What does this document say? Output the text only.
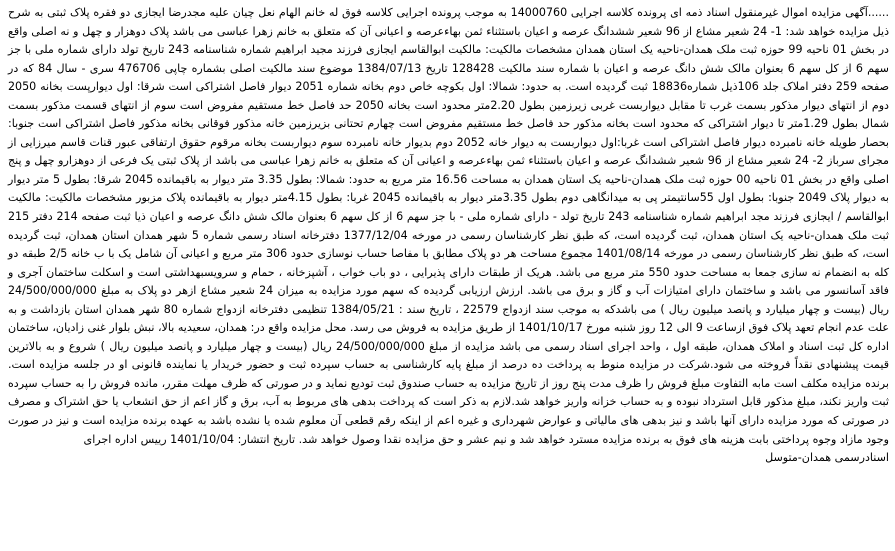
......آگهی مزایده اموال غیرمنقول اسناد ذمه ای پرونده کلاسه اجرایی 14000760 به موجب پرونده اجرایی کلاسه فوق له خانم الهام نعل چیان علیه مجدرضا ایجازی دو فقره پلاک ثبتی به شرح ذیل مزایده خواهد شد: 1- 24 شعیر مشاع از 96 شعیر ششدانگ عرصه و اعیان باستثناء ثمن بهاءعرصه و اعیانی آن که متعلق به خانم زهرا عباسی می باشد پلاک دوهزار و چهل و نه اصلی واقع در بخش 01 ناحیه 99 حوزه ثبت ملک همدان-ناحیه یک استان همدان مشخصات مالکیت: مالکیت ابوالقاسم ایجازی فرزند مجید ابراهیم شماره شناسنامه 243 تاریخ تولد دارای شماره ملی با جز سهم 6 از کل سهم 6 بعنوان مالک شش دانگ عرصه و اعیان با شماره سند مالکیت 128428 تاریخ 1384/07/13 موضوع سند مالکیت اصلی بشماره چاپی 476706 سری - سال 84 که در صفحه 259 دفتر املاک جلد 106ذیل شماره18836 ثبت گردیده است. به حدود: شمالا: اول بکوچه خاص دوم بخانه شماره 2051 دیوار فاصل اشتراکی است شرقا: اول دیوارپست بخانه 2050 دوم از انتهای دیوار مذکور بسمت غرب تا مقابل دیواربست غربی زیرزمین بطول 2.20متر محدود است بخانه 2050 حد فاصل خط مستقیم مفروض است سوم از انتهای قسمت مذکور بسمت شمال بطول 1.29متر تا دیوار اشتراکی که محدود است بخانه مذکور حد فاصل خط مستقیم مفروض است چهارم تحتانی بزیرزمین خانه مذکور فوقانی بخانه مذکور فاصل اشتراکی است جنوبا: بحصار طویله خانه نامبرده دیوار فاصل اشتراکی است غربا:اول دیواربست به دیوار خانه 2052 دوم بدیوار خانه نامبرده سوم دیواربست بخانه مرقوم حقوق ارتفاقی عبور قنات قاسم میرزایی از مجرای سرباز 2- 24 شعیر مشاع از 96 شعیر ششدانگ عرصه و اعیان باستثناء ثمن بهاءعرصه و اعیانی آن که متعلق به خانم زهرا عباسی می باشد از پلاک ثبتی یک فرعی از دوهزارو چهل و پنج اصلی واقع در بخش 01 ناحیه 00 حوزه ثبت ملک همدان-ناحیه یک استان همدان به مساحت 16.56 متر مربع به حدود: شمالا: بطول 3.35 متر دیوار به باقیمانده 2045 شرقا: بطول 5 متر دیوار به دیوار پلاک 2049 جنوبا: بطول اول 55سانتیمتر پی به میدانگاهی دوم بطول 3.35متر دیوار به باقیمانده 2045 غربا: بطول 4.15متر دیوار به باقیمانده پلاک مزبور مشخصات مالکیت: مالکیت ابوالقاسم / ایجازی فرزند مجد ابراهیم شماره شناسنامه 243 تاریخ تولد - دارای شماره ملی - با جز سهم 6 از کل سهم 6 بعنوان مالک شش دانگ عرصه و اعیان ذیا ثبت صفحه 214 دفتر 215 ثبت ملک همدان-ناحیه یک استان همدان، ثبت گردیده است، که طبق نظر کارشناسان رسمی در مورخه 1377/12/04 دفترخانه اسناد رسمی شماره 5 شهر همدان استان همدان، ثبت گردیده است، که طبق نظر کارشناسان رسمی در مورخه 1401/08/14 مجموع مساحت هر دو پلاک مطابق با مفاصا حساب نوسازی حدود 306 متر مربع و اعیانی آن شامل یک با ب خانه 2/5 طبقه دو کله به انضمام نه سازی جمعا به مساحت حدود 550 متر مربع می باشد. هریک از طبقات دارای پذیرایی ، دو باب خواب ، آشپزخانه ، حمام و سرویسبهداشتی است و اسکلت ساختمان آجری و فاقد آسانسور می باشد و ساختمان دارای امتیازات آب و گاز و برق می باشد. ارزش ارزیابی گردیده که سهم مورد مزایده به میزان 24 شعیر مشاع ازهر دو پلاک به مبلغ 24/500/000/000 ریال (بیست و چهار میلیارد و پانصد میلیون ریال ) می باشدکه به موجب سند ازدواج 22579 ، تاریخ سند : 1384/05/21 تنظیمی دفترخانه ازدواج شماره 80 شهر همدان استان بازداشت و به علت عدم انجام تعهد پلاک فوق ازساعت 9 الی 12 روز شنبه مورخ 1401/10/17 از طریق مزایده به فروش می رسد. محل مزایده واقع در: همدان، سعیدیه بالا، نبش بلوار غنی زادیان، ساختمان اداره کل ثبت اسناد و املاک همدان، طبقه اول ، واحد اجرای اسناد رسمی می باشد مزایده از مبلغ 24/500/000/000 ریال (بیست و چهار میلیارد و پانصد میلیون ریال ) شروع و به بالاترین قیمت پیشنهادی نقداً فروخته می شود.شرکت در مزایده منوط به پرداخت ده درصد از مبلغ پایه کارشناسی به حساب سپرده ثبت و حضور خریدار یا نماینده قانونی او در جلسه مزایده است. برنده مزایده مکلف است مابه التفاوت مبلغ فروش را ظرف مدت پنج روز از تاریخ مزایده به حساب صندوق ثبت تودیع نماید و در صورتی که ظرف مهلت مقرر، مانده فروش را به حساب سپرده ثبت واریز نکند، مبلغ مذکور قابل استرداد نبوده و به حساب خزانه واریز خواهد شد.لازم به ذکر است که پرداخت بدهی های مربوط به آب، برق و گاز اعم از حق انشعاب یا حق اشتراک و مصرف در صورتی که مورد مزایده دارای آنها باشد و نیز بدهی های مالیاتی و عوارض شهرداری و غیره اعم از اینکه رقم قطعی آن معلوم شده یا نشده باشد به عهده برنده مزایده است و نیز در صورت وجود مازاد وجوه پرداختی بابت هزینه های فوق به برنده مزایده مسترد خواهد شد و نیم عشر و حق مزایده نقدا وصول خواهد شد. تاریخ انتشار: 1401/10/04 رییس اداره اجرای

اسنادرسمی همدان-متوسل
